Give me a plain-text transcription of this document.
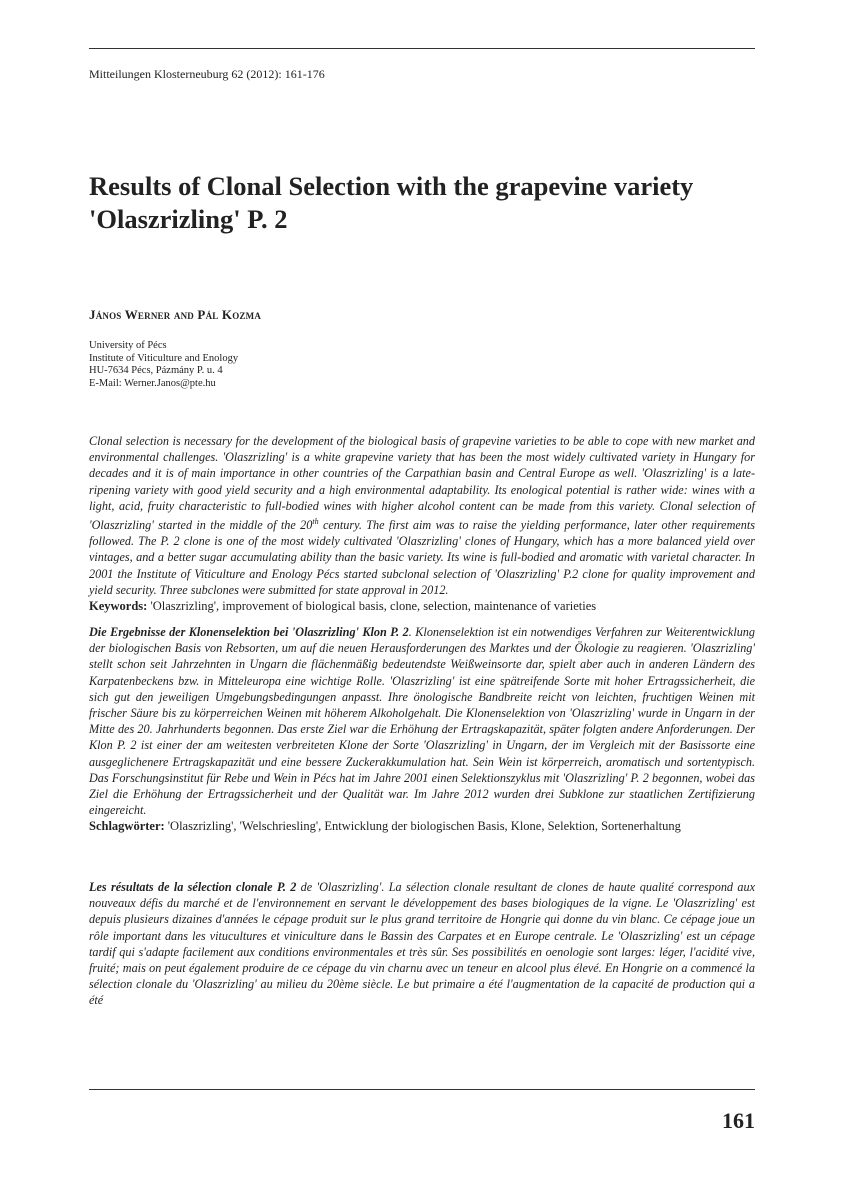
Mitteilungen Klosterneuburg 62 (2012): 161-176
Results of Clonal Selection with the grapevine variety 'Olaszrizling' P. 2
János Werner and Pál Kozma
University of Pécs
Institute of Viticulture and Enology
HU-7634 Pécs, Pázmány P. u. 4
E-Mail: Werner.Janos@pte.hu

Clonal selection is necessary for the development of the biological basis of grapevine varieties to be able to cope with new market and environmental challenges. 'Olaszrizling' is a white grapevine variety that has been the most widely cultivated variety in Hungary for decades and it is of main importance in other countries of the Carpathian basin and Central Europe as well. 'Olaszrizling' is a late-ripening variety with good yield security and a high environmental adaptability. Its enological potential is rather wide: wines with a light, acid, fruity characteristic to full-bodied wines with higher alcohol content can be made from this variety. Clonal selection of 'Olaszrizling' started in the middle of the 20th century. The first aim was to raise the yielding performance, later other requirements followed. The P. 2 clone is one of the most widely cultivated 'Olaszrizling' clones of Hungary, which has a more balanced yield over vintages, and a better sugar accumulating ability than the basic variety. Its wine is full-bodied and aromatic with varietal character. In 2001 the Institute of Viticulture and Enology Pécs started subclonal selection of 'Olaszrizling' P.2 clone for quality improvement and yield security. Three subclones were submitted for state approval in 2012.
Keywords: 'Olaszrizling', improvement of biological basis, clone, selection, maintenance of varieties

Die Ergebnisse der Klonenselektion bei 'Olaszrizling' Klon P. 2. Klonenselektion ist ein notwendiges Verfahren zur Weiterentwicklung der biologischen Basis von Rebsorten, um auf die neuen Herausforderungen des Marktes und der Ökologie zu reagieren. 'Olaszrizling' stellt schon seit Jahrzehnten in Ungarn die flächenmäßig bedeutendste Weißweinsorte dar, spielt aber auch in anderen Ländern des Karpatenbeckens bzw. in Mitteleuropa eine wichtige Rolle. 'Olaszrizling' ist eine spätreifende Sorte mit hoher Ertragssicherheit, die sich gut den jeweiligen Umgebungsbedingungen anpasst. Ihre önologische Bandbreite reicht von leichten, fruchtigen Weinen mit frischer Säure bis zu körperreichen Weinen mit höherem Alkoholgehalt. Die Klonenselektion von 'Olaszrizling' wurde in Ungarn in der Mitte des 20. Jahrhunderts begonnen. Das erste Ziel war die Erhöhung der Ertragskapazität, später folgten andere Anforderungen. Der Klon P. 2 ist einer der am weitesten verbreiteten Klone der Sorte 'Olaszrizling' in Ungarn, der im Vergleich mit der Basissorte eine ausgeglichenere Ertragskapazität und eine bessere Zuckerakkumulation hat. Sein Wein ist körperreich, aromatisch und sortentypisch. Das Forschungsinstitut für Rebe und Wein in Pécs hat im Jahre 2001 einen Selektionszyklus mit 'Olaszrizling' P. 2 begonnen, wobei das Ziel die Erhöhung der Ertragssicherheit und der Qualität war. Im Jahre 2012 wurden drei Subklone zur staatlichen Zertifizierung eingereicht.
Schlagwörter: 'Olaszrizling', 'Welschriesling', Entwicklung der biologischen Basis, Klone, Selektion, Sortenerhaltung

Les résultats de la sélection clonale P. 2 de 'Olaszrizling'. La sélection clonale resultant de clones de haute qualité correspond aux nouveaux défis du marché et de l'environnement en servant le développement des bases biologiques de la vigne. Le 'Olaszrizling' est depuis plusieurs dizaines d'années le cépage produit sur le plus grand territoire de Hongrie qui donne du vin blanc. Ce cépage joue un rôle important dans les vitucultures et viniculture dans le Bassin des Carpates et en Europe centrale. Le 'Olaszrizling' est un cépage tardif qui s'adapte facilement aux conditions environmentales et très sûr. Ses possibilités en oenologie sont larges: léger, l'acidité vive, fruité; mais on peut également produire de ce cépage du vin charnu avec un teneur en alcool plus élevé. En Hongrie on a commencé la sélection clonale du 'Olaszrizling' au milieu du 20ème siècle. Le but primaire a été l'augmentation de la capacité de production qui a été

161
